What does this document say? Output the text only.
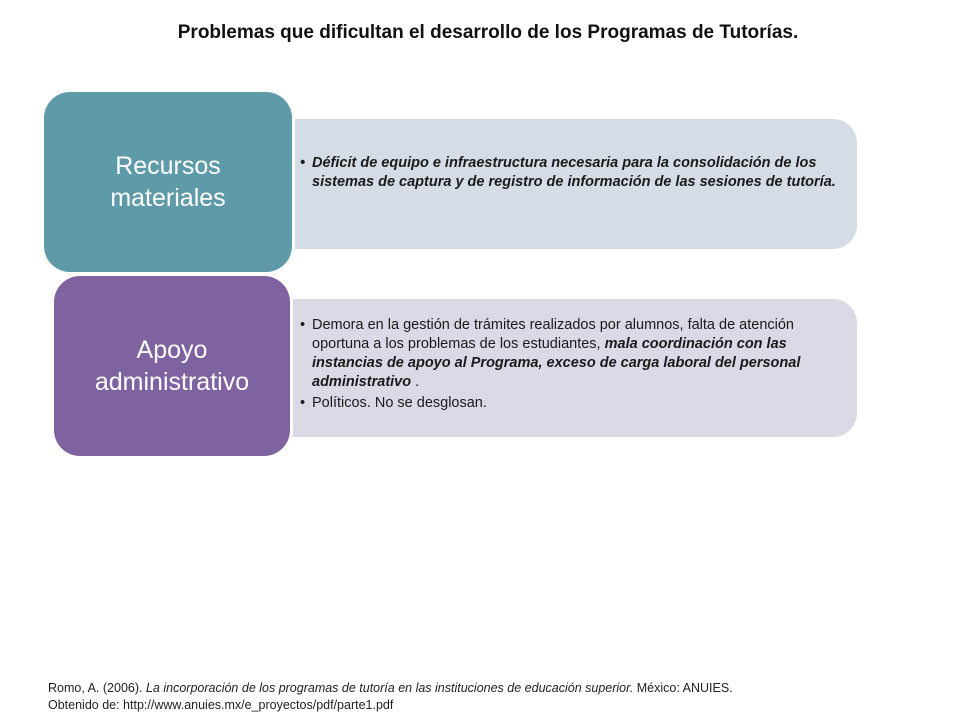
Problemas que dificultan el desarrollo de los Programas de Tutorías.
Recursos
materiales
• Déficit de equipo e infraestructura necesaria para la consolidación de los sistemas de captura y de registro de información de las sesiones de tutoría.
Apoyo
administrativo
• Demora en la gestión de trámites realizados por alumnos, falta de atención oportuna a los problemas de los estudiantes, mala coordinación con las instancias de apoyo al Programa, exceso de carga laboral del personal administrativo .
• Políticos. No se desglosan.
Romo, A. (2006). La incorporación de los programas de tutoría en las instituciones de educación superior. México: ANUIES.
Obtenido de: http://www.anuies.mx/e_proyectos/pdf/parte1.pdf
